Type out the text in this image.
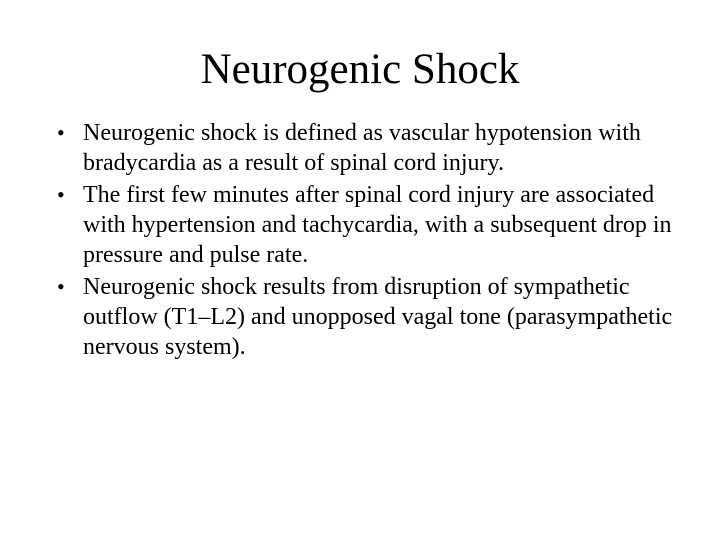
Neurogenic Shock
• Neurogenic shock is defined as vascular hypotension with bradycardia as a result of spinal cord injury.
• The first few minutes after spinal cord injury are associated with hypertension and tachycardia, with a subsequent drop in pressure and pulse rate.
• Neurogenic shock results from disruption of sympathetic outflow (T1–L2) and unopposed vagal tone (parasympathetic nervous system).
